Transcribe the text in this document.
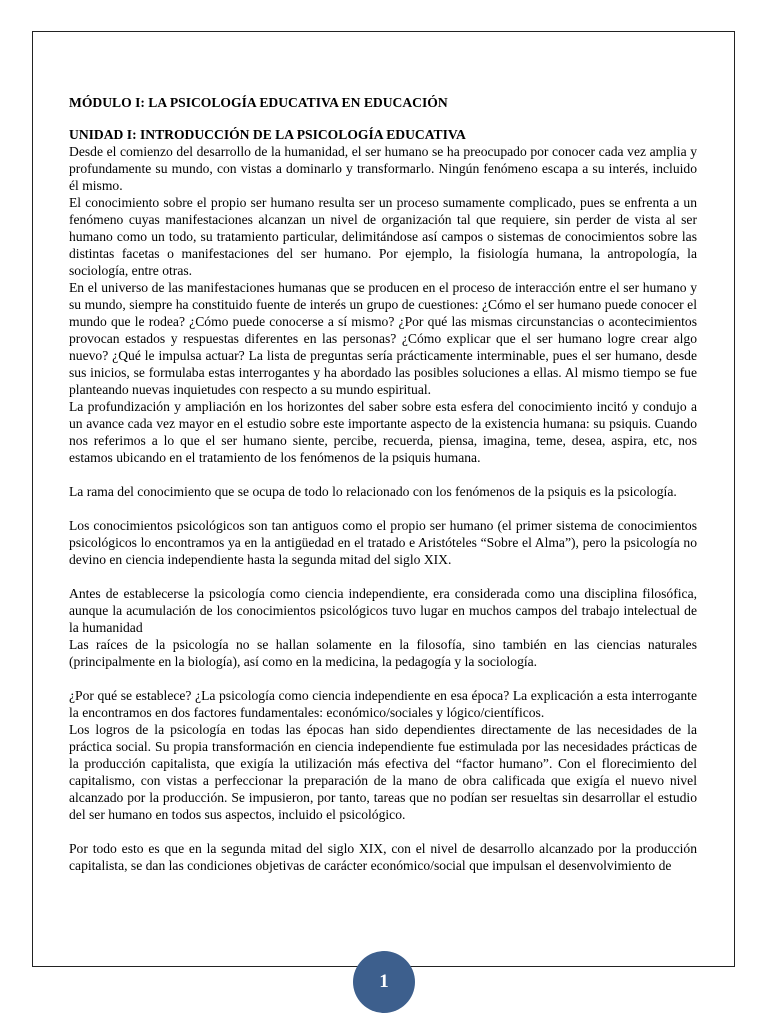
MÓDULO I: LA PSICOLOGÍA EDUCATIVA EN EDUCACIÓN
UNIDAD I: INTRODUCCIÓN DE LA PSICOLOGÍA EDUCATIVA

Desde el comienzo del desarrollo de la humanidad, el ser humano se ha preocupado por conocer cada vez amplia y profundamente su mundo, con vistas a dominarlo y transformarlo. Ningún fenómeno escapa a su interés, incluido él mismo.

El conocimiento sobre el propio ser humano resulta ser un proceso sumamente complicado, pues se enfrenta a un fenómeno cuyas manifestaciones alcanzan un nivel de organización tal que requiere, sin perder de vista al ser humano como un todo, su tratamiento particular, delimitándose así campos o sistemas de conocimientos sobre las distintas facetas o manifestaciones del ser humano. Por ejemplo, la fisiología humana, la antropología, la sociología, entre otras.

En el universo de las manifestaciones humanas que se producen en el proceso de interacción entre el ser humano y su mundo, siempre ha constituido fuente de interés un grupo de cuestiones: ¿Cómo el ser humano puede conocer el mundo que le rodea? ¿Cómo puede conocerse a sí mismo? ¿Por qué las mismas circunstancias o acontecimientos provocan estados y respuestas diferentes en las personas? ¿Cómo explicar que el ser humano logre crear algo nuevo? ¿Qué le impulsa actuar? La lista de preguntas sería prácticamente interminable, pues el ser humano, desde sus inicios, se formulaba estas interrogantes y ha abordado las posibles soluciones a ellas. Al mismo tiempo se fue planteando nuevas inquietudes con respecto a su mundo espiritual.

La profundización y ampliación en los horizontes del saber sobre esta esfera del conocimiento incitó y condujo a un avance cada vez mayor en el estudio sobre este importante aspecto de la existencia humana: su psiquis. Cuando nos referimos a lo que el ser humano siente, percibe, recuerda, piensa, imagina, teme, desea, aspira, etc, nos estamos ubicando en el tratamiento de los fenómenos de la psiquis humana.

La rama del conocimiento que se ocupa de todo lo relacionado con los fenómenos de la psiquis es la psicología.

Los conocimientos psicológicos son tan antiguos como el propio ser humano (el primer sistema de conocimientos psicológicos lo encontramos ya en la antigüedad en el tratado e Aristóteles “Sobre el Alma”), pero la psicología no devino en ciencia independiente hasta la segunda mitad del siglo XIX.

Antes de establecerse la psicología como ciencia independiente, era considerada como una disciplina filosófica, aunque la acumulación de los conocimientos psicológicos tuvo lugar en muchos campos del trabajo intelectual de la humanidad

Las raíces de la psicología no se hallan solamente en la filosofía, sino también en las ciencias naturales (principalmente en la biología), así como en la medicina, la pedagogía y la sociología.

¿Por qué se establece? ¿La psicología como ciencia independiente en esa época? La explicación a esta interrogante la encontramos en dos factores fundamentales: económico/sociales y lógico/científicos.

Los logros de la psicología en todas las épocas han sido dependientes directamente de las necesidades de la práctica social. Su propia transformación en ciencia independiente fue estimulada por las necesidades prácticas de la producción capitalista, que exigía la utilización más efectiva del “factor humano”. Con el florecimiento del capitalismo, con vistas a perfeccionar la preparación de la mano de obra calificada que exigía el nuevo nivel alcanzado por la producción. Se impusieron, por tanto, tareas que no podían ser resueltas sin desarrollar el estudio del ser humano en todos sus aspectos, incluido el psicológico.

Por todo esto es que en la segunda mitad del siglo XIX, con el nivel de desarrollo alcanzado por la producción capitalista, se dan las condiciones objetivas de carácter económico/social que impulsan el desenvolvimiento de

1
